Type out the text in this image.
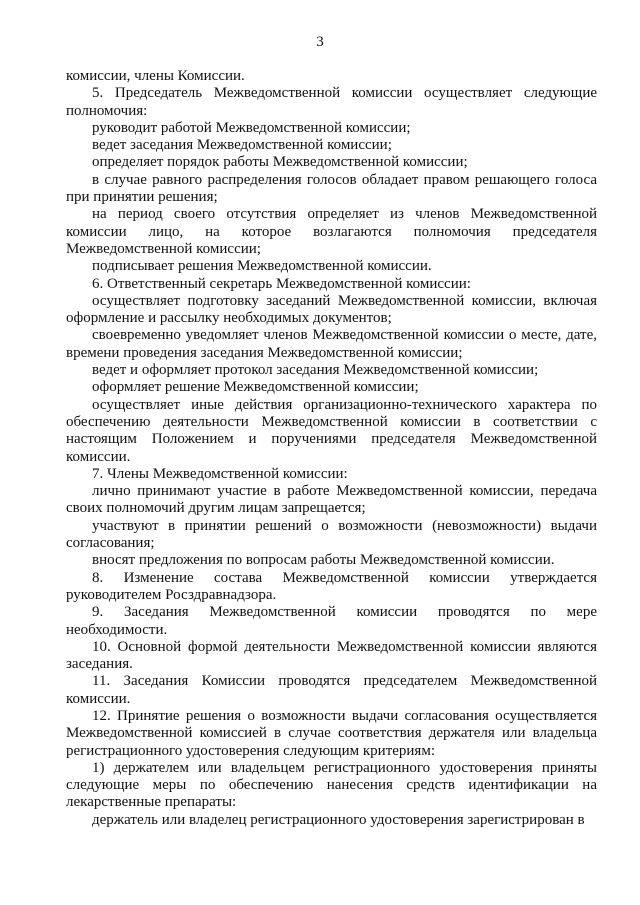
3

комиссии, члены Комиссии.

5. Председатель Межведомственной комиссии осуществляет следующие полномочия:

руководит работой Межведомственной комиссии;

ведет заседания Межведомственной комиссии;

определяет порядок работы Межведомственной комиссии;

в случае равного распределения голосов обладает правом решающего голоса при принятии решения;

на период своего отсутствия определяет из членов Межведомственной комиссии лицо, на которое возлагаются полномочия председателя Межведомственной комиссии;

подписывает решения Межведомственной комиссии.

6. Ответственный секретарь Межведомственной комиссии:

осуществляет подготовку заседаний Межведомственной комиссии, включая оформление и рассылку необходимых документов;

своевременно уведомляет членов Межведомственной комиссии о месте, дате, времени проведения заседания Межведомственной комиссии;

ведет и оформляет протокол заседания Межведомственной комиссии;

оформляет решение Межведомственной комиссии;

осуществляет иные действия организационно-технического характера по обеспечению деятельности Межведомственной комиссии в соответствии с настоящим Положением и поручениями председателя Межведомственной комиссии.

7. Члены Межведомственной комиссии:

лично принимают участие в работе Межведомственной комиссии, передача своих полномочий другим лицам запрещается;

участвуют в принятии решений о возможности (невозможности) выдачи согласования;

вносят предложения по вопросам работы Межведомственной комиссии.

8. Изменение состава Межведомственной комиссии утверждается руководителем Росздравнадзора.

9. Заседания Межведомственной комиссии проводятся по мере необходимости.

10. Основной формой деятельности Межведомственной комиссии являются заседания.

11. Заседания Комиссии проводятся председателем Межведомственной комиссии.

12. Принятие решения о возможности выдачи согласования осуществляется Межведомственной комиссией в случае соответствия держателя или владельца регистрационного удостоверения следующим критериям:

1) держателем или владельцем регистрационного удостоверения приняты следующие меры по обеспечению нанесения средств идентификации на лекарственные препараты:

держатель или владелец регистрационного удостоверения зарегистрирован в
